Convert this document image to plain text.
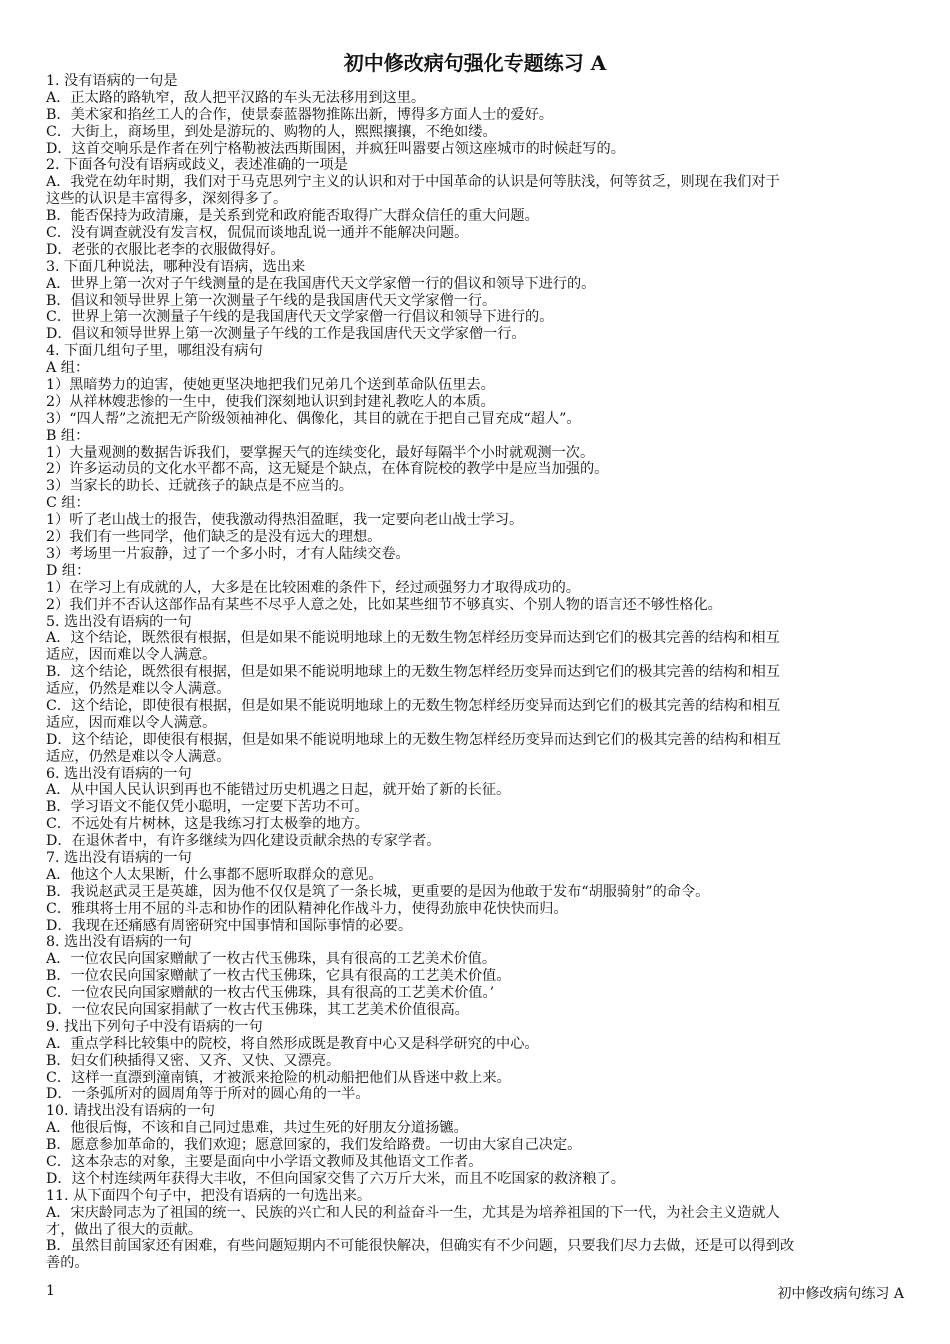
初中修改病句强化专题练习 A
1. 没有语病的一句是
A．正太路的路轨窄，敌人把平汉路的车头无法移用到这里。
B．美术家和掐丝工人的合作，使景泰蓝器物推陈出新，博得多方面人士的爱好。
C．大街上，商场里，到处是游玩的、购物的人，熙熙攘攘，不绝如缕。
D．这首交响乐是作者在列宁格勒被法西斯围困，并疯狂叫嚣要占领这座城市的时候赶写的。
2. 下面各句没有语病或歧义，表述准确的一项是
A．我党在幼年时期，我们对于马克思列宁主义的认识和对于中国革命的认识是何等肤浅，何等贫乏，则现在我们对于
这些的认识是丰富得多，深刻得多了。
B．能否保持为政清廉，是关系到党和政府能否取得广大群众信任的重大问题。
C．没有调查就没有发言权，侃侃而谈地乱说一通并不能解决问题。
D．老张的衣服比老李的衣服做得好。
3. 下面几种说法，哪种没有语病，选出来
A．世界上第一次对子午线测量的是在我国唐代天文学家僧一行的倡议和领导下进行的。
B．倡议和领导世界上第一次测量子午线的是我国唐代天文学家僧一行。
C．世界上第一次测量子午线的是我国唐代天文学家僧一行倡议和领导下进行的。
D．倡议和领导世界上第一次测量子午线的工作是我国唐代天文学家僧一行。
4. 下面几组句子里，哪组没有病句
A 组：
1）黑暗势力的迫害，使她更坚决地把我们兄弟几个送到革命队伍里去。
2）从祥林嫂悲惨的一生中，使我们深刻地认识到封建礼教吃人的本质。
3）“四人帮”之流把无产阶级领袖神化、偶像化，其目的就在于把自己冒充成“超人”。
B 组：
1）大量观测的数据告诉我们，要掌握天气的连续变化，最好每隔半个小时就观测一次。
2）许多运动员的文化水平都不高，这无疑是个缺点，在体育院校的教学中是应当加强的。
3）当家长的助长、迁就孩子的缺点是不应当的。
C 组：
1）听了老山战士的报告，使我激动得热泪盈眶，我一定要向老山战士学习。
2）我们有一些同学，他们缺乏的是没有远大的理想。
3）考场里一片寂静，过了一个多小时，才有人陆续交卷。
D 组：
1）在学习上有成就的人，大多是在比较困难的条件下，经过顽强努力才取得成功的。
2）我们并不否认这部作品有某些不尽乎人意之处，比如某些细节不够真实、个别人物的语言还不够性格化。
5. 选出没有语病的一句
A．这个结论，既然很有根据，但是如果不能说明地球上的无数生物怎样经历变异而达到它们的极其完善的结构和相互
适应，因而难以令人满意。
B．这个结论，既然很有根据，但是如果不能说明地球上的无数生物怎样经历变异而达到它们的极其完善的结构和相互
适应，仍然是难以令人满意。
C．这个结论，即使很有根据，但是如果不能说明地球上的无数生物怎样经历变异而达到它们的极其完善的结构和相互
适应，因而难以令人满意。
D．这个结论，即使很有根据，但是如果不能说明地球上的无数生物怎样经历变异而达到它们的极其完善的结构和相互
适应，仍然是难以令人满意。
6. 选出没有语病的一句
A．从中国人民认识到再也不能错过历史机遇之日起，就开始了新的长征。
B．学习语文不能仅凭小聪明，一定要下苦功不可。
C．不远处有片树林，这是我练习打太极拳的地方。
D．在退休者中，有许多继续为四化建设贡献余热的专家学者。
7. 选出没有语病的一句
A．他这个人太果断，什么事都不愿听取群众的意见。
B．我说赵武灵王是英雄，因为他不仅仅是筑了一条长城，更重要的是因为他敢于发布“胡服骑射”的命令。
C．雅琪将士用不屈的斗志和协作的团队精神化作战斗力，使得劲旅申花快快而归。
D．我现在还痛感有周密研究中国事情和国际事情的必要。
8. 选出没有语病的一句
A．一位农民向国家赠献了一枚古代玉佛珠，具有很高的工艺美术价值。
B．一位农民向国家赠献了一枚古代玉佛珠，它具有很高的工艺美术价值。
C．一位农民向国家赠献的一枚古代玉佛珠，具有很高的工艺美术价值。’
D．一位农民向国家捐献了一枚古代玉佛珠，其工艺美术价值很高。
9. 找出下列句子中没有语病的一句
A．重点学科比较集中的院校，将自然形成既是教育中心又是科学研究的中心。
B．妇女们秧插得又密、又齐、又快、又漂亮。
C．这样一直漂到潼南镇，才被派来抢险的机动船把他们从昏迷中救上来。
D．一条弧所对的圆周角等于所对的圆心角的一半。
10. 请找出没有语病的一句
A．他很后悔，不该和自己同过患难，共过生死的好朋友分道扬镳。
B．愿意参加革命的，我们欢迎；愿意回家的，我们发给路费。一切由大家自己决定。
C．这本杂志的对象，主要是面向中小学语文教师及其他语文工作者。
D．这个村连续两年获得大丰收，不但向国家交售了六万斤大米，而且不吃国家的救济粮了。
11. 从下面四个句子中，把没有语病的一句选出来。
A．宋庆龄同志为了祖国的统一、民族的兴亡和人民的利益奋斗一生，尤其是为培养祖国的下一代，为社会主义造就人
才，做出了很大的贡献。
B．虽然目前国家还有困难，有些问题短期内不可能很快解决，但确实有不少问题，只要我们尽力去做，还是可以得到改
善的。
1	初中修改病句练习 A
